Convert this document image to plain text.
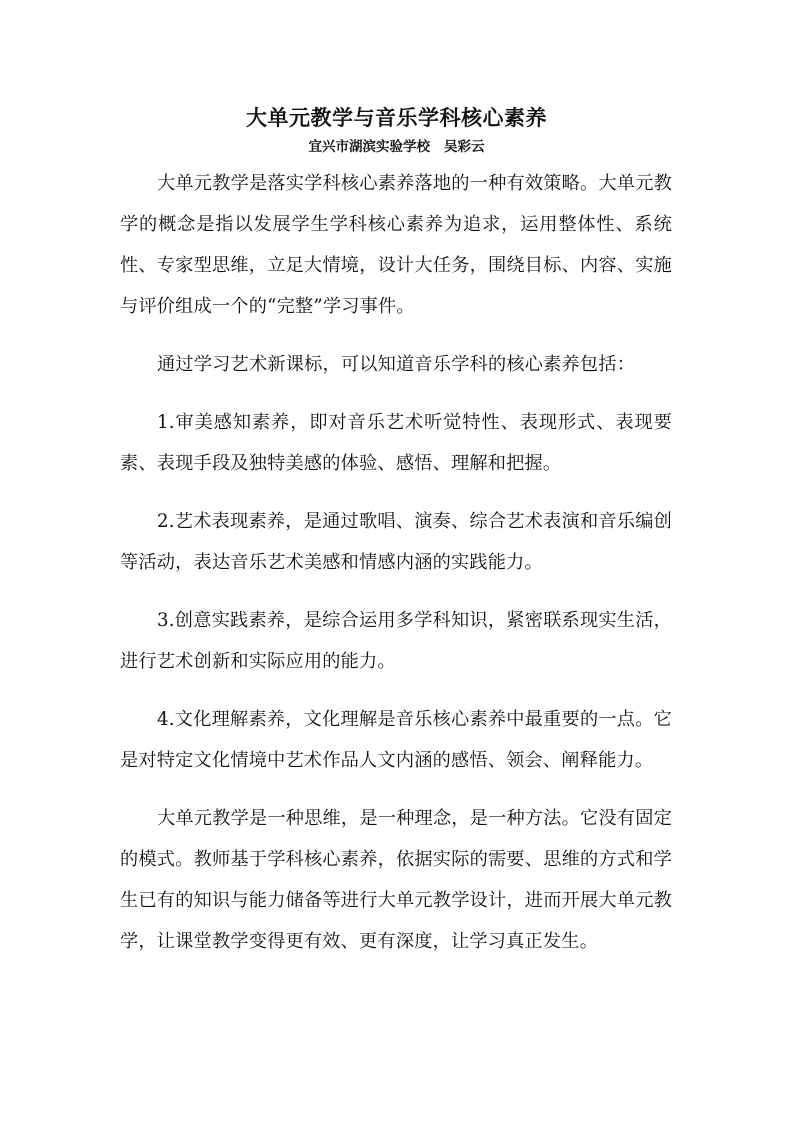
大单元教学与音乐学科核心素养

宜兴市湖滨实验学校 吴彩云

大单元教学是落实学科核心素养落地的一种有效策略。大单元教学的概念是指以发展学生学科核心素养为追求，运用整体性、系统性、专家型思维，立足大情境，设计大任务，围绕目标、内容、实施与评价组成一个的“完整”学习事件。

通过学习艺术新课标，可以知道音乐学科的核心素养包括：

1.审美感知素养，即对音乐艺术听觉特性、表现形式、表现要素、表现手段及独特美感的体验、感悟、理解和把握。

2.艺术表现素养，是通过歌唱、演奏、综合艺术表演和音乐编创等活动，表达音乐艺术美感和情感内涵的实践能力。

3.创意实践素养，是综合运用多学科知识，紧密联系现实生活，进行艺术创新和实际应用的能力。

4.文化理解素养，文化理解是音乐核心素养中最重要的一点。它是对特定文化情境中艺术作品人文内涵的感悟、领会、阐释能力。

大单元教学是一种思维，是一种理念，是一种方法。它没有固定的模式。教师基于学科核心素养，依据实际的需要、思维的方式和学生已有的知识与能力储备等进行大单元教学设计，进而开展大单元教学，让课堂教学变得更有效、更有深度，让学习真正发生。
